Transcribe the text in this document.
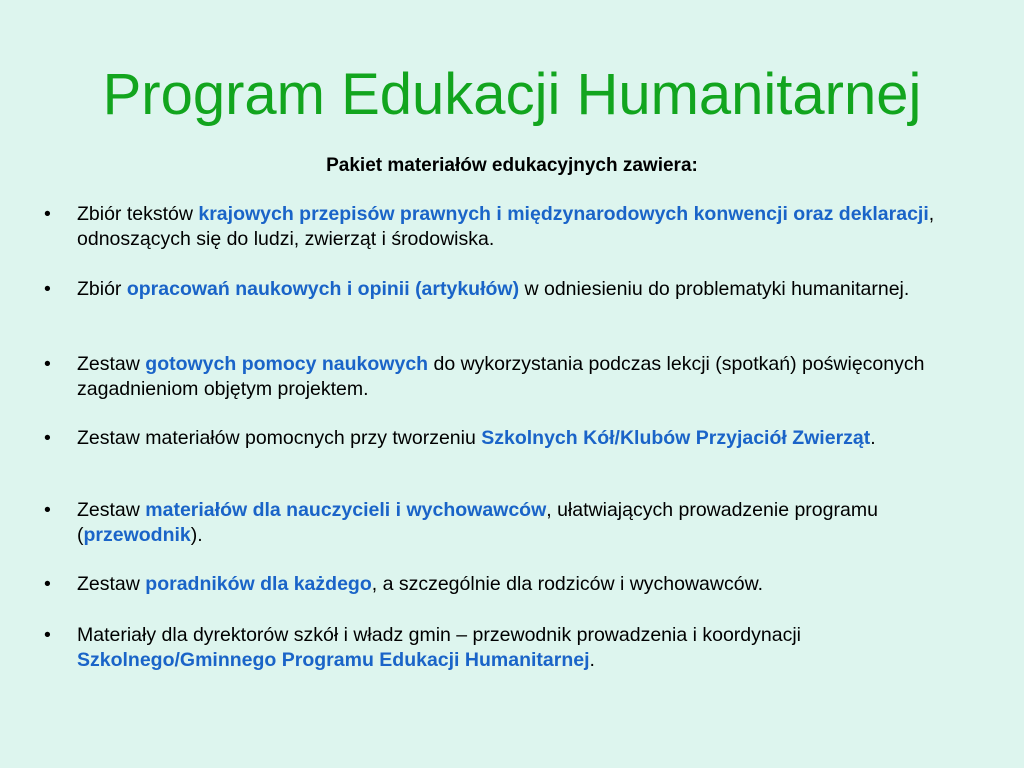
Program Edukacji Humanitarnej

Pakiet materiałów edukacyjnych zawiera:

•	Zbiór tekstów krajowych przepisów prawnych i międzynarodowych konwencji oraz deklaracji, odnoszących się do ludzi, zwierząt i środowiska.
•	Zbiór opracowań naukowych i opinii (artykułów) w odniesieniu do problematyki humanitarnej.
•	Zestaw gotowych pomocy naukowych do wykorzystania podczas lekcji (spotkań) poświęconych zagadnieniom objętym projektem.
•	Zestaw materiałów pomocnych przy tworzeniu Szkolnych Kół/Klubów Przyjaciół Zwierząt.
•	Zestaw materiałów dla nauczycieli i wychowawców, ułatwiających prowadzenie programu (przewodnik).
•	Zestaw poradników dla każdego, a szczególnie dla rodziców i wychowawców.
•	Materiały dla dyrektorów szkół i władz gmin – przewodnik prowadzenia i koordynacji Szkolnego/Gminnego Programu Edukacji Humanitarnej.
